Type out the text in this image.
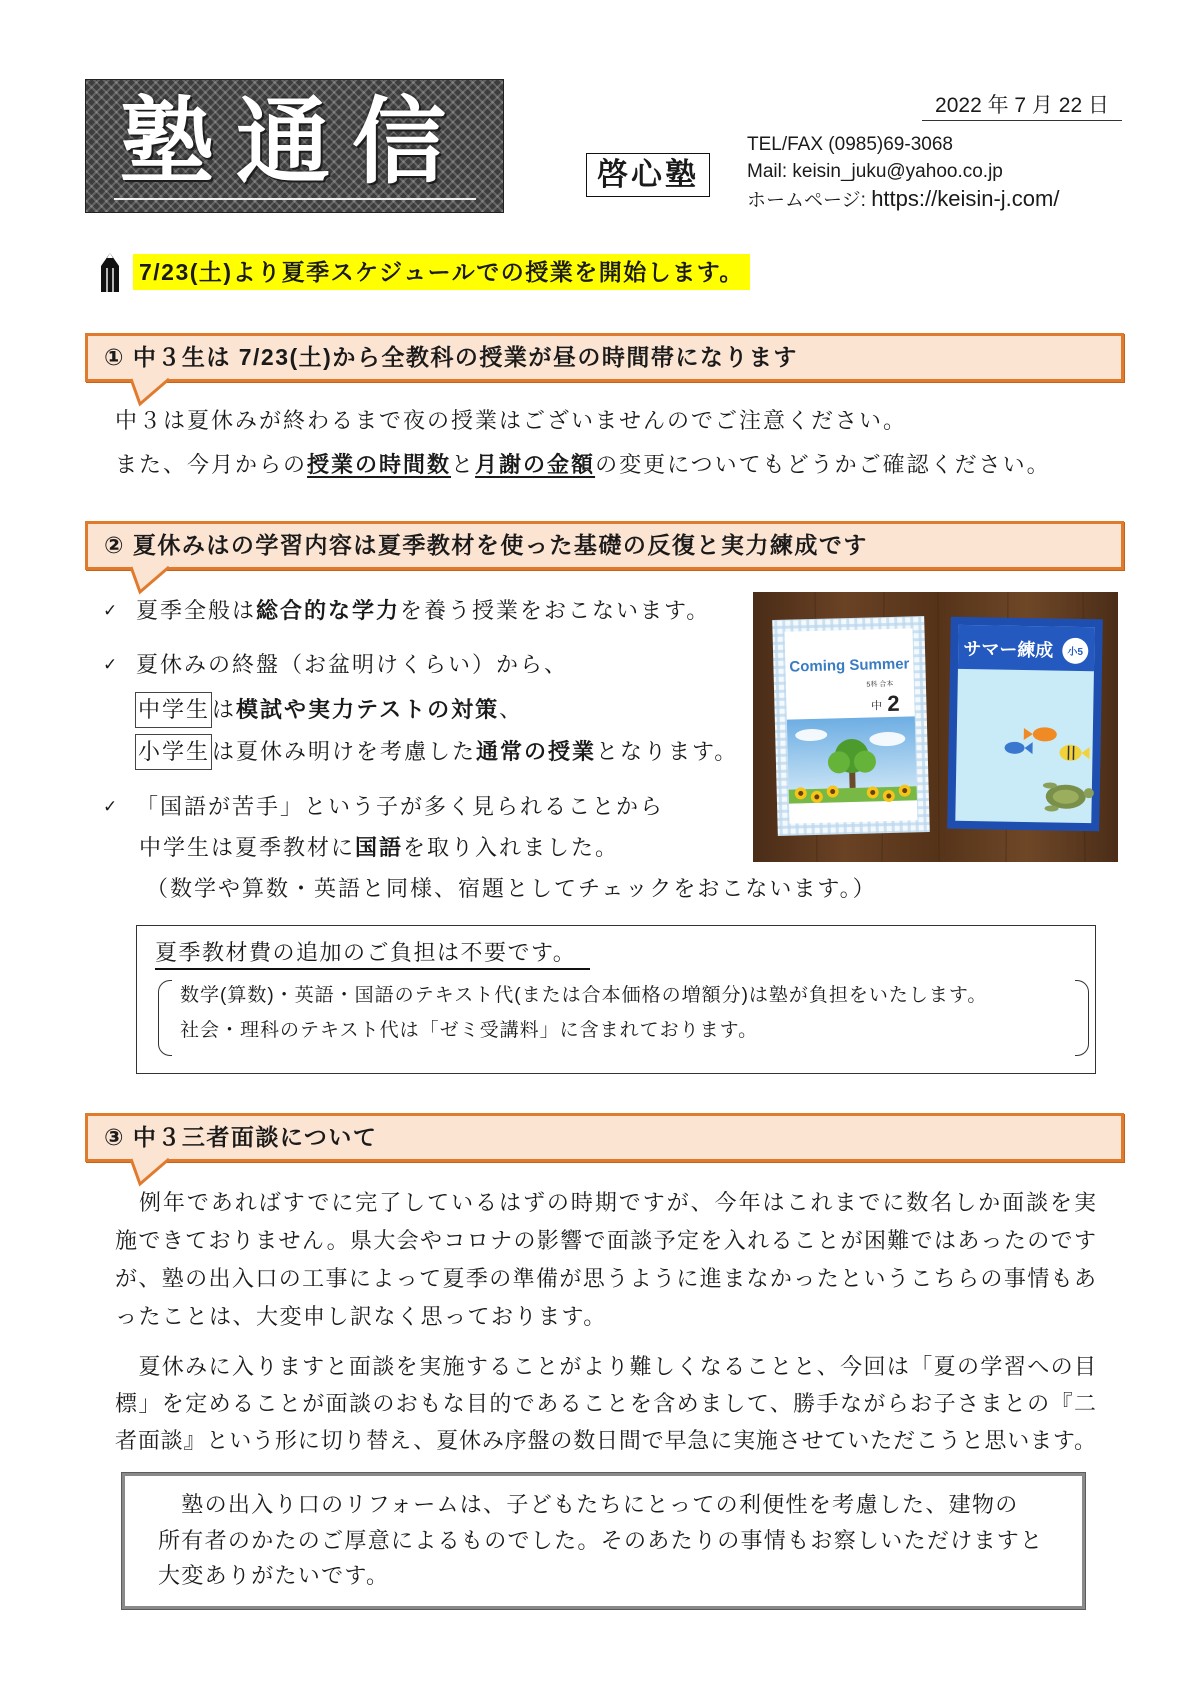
塾通信	啓心塾
2022 年 7 月 22 日
TEL/FAX (0985)69-3068
Mail: keisin_juku@yahoo.co.jp
ホームページ: https://keisin-j.com/
7/23(土)より夏季スケジュールでの授業を開始します。
① 中３生は 7/23(土)から全教科の授業が昼の時間帯になります
中３は夏休みが終わるまで夜の授業はございませんのでご注意ください。
また、今月からの授業の時間数と月謝の金額の変更についてもどうかご確認ください。
② 夏休みはの学習内容は夏季教材を使った基礎の反復と実力練成です
✓ 夏季全般は総合的な学力を養う授業をおこないます。
✓ 夏休みの終盤（お盆明けくらい）から、
中学生は模試や実力テストの対策、
小学生は夏休み明けを考慮した通常の授業となります。
✓ 「国語が苦手」という子が多く見られることから
中学生は夏季教材に国語を取り入れました。
（数学や算数・英語と同様、宿題としてチェックをおこないます。）
Coming Summer
5科 合本
中 2
サマー練成 小5
夏季教材費の追加のご負担は不要です。
数学(算数)・英語・国語のテキスト代(または合本価格の増額分)は塾が負担をいたします。
社会・理科のテキスト代は「ゼミ受講料」に含まれております。
③ 中３三者面談について
　例年であればすでに完了しているはずの時期ですが、今年はこれまでに数名しか面談を実
施できておりません。県大会やコロナの影響で面談予定を入れることが困難ではあったのです
が、塾の出入口の工事によって夏季の準備が思うように進まなかったというこちらの事情もあ
ったことは、大変申し訳なく思っております。
　夏休みに入りますと面談を実施することがより難しくなることと、今回は「夏の学習への目
標」を定めることが面談のおもな目的であることを含めまして、勝手ながらお子さまとの『二
者面談』という形に切り替え、夏休み序盤の数日間で早急に実施させていただこうと思います。
　塾の出入り口のリフォームは、子どもたちにとっての利便性を考慮した、建物の
所有者のかたのご厚意によるものでした。そのあたりの事情もお察しいただけますと
大変ありがたいです。
